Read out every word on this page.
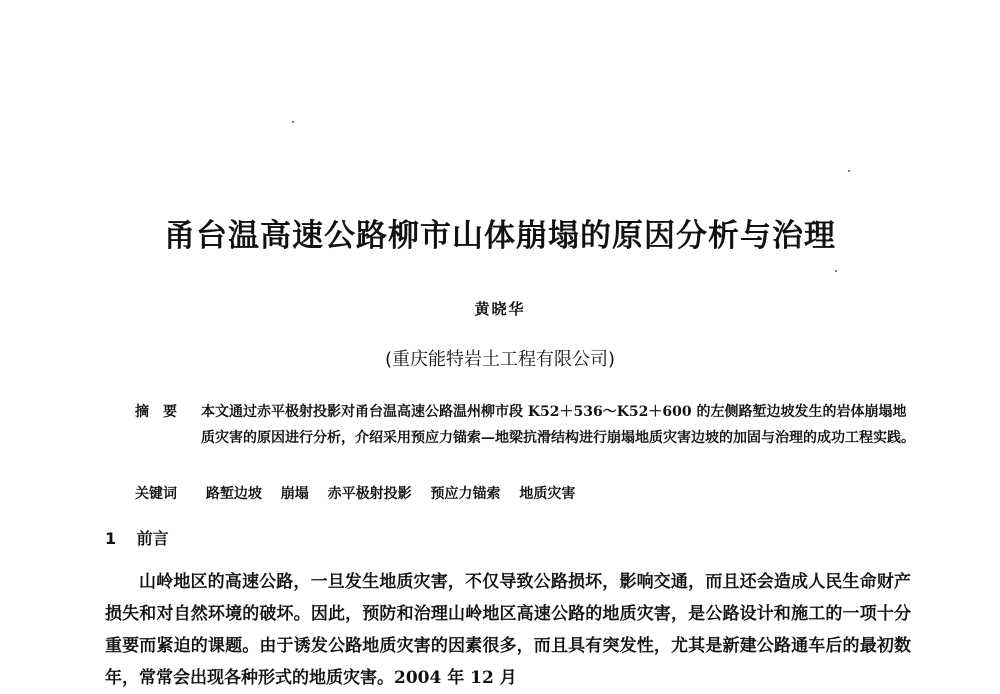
甬台温高速公路柳市山体崩塌的原因分析与治理
黄晓华
(重庆能特岩土工程有限公司)
摘要 本文通过赤平极射投影对甬台温高速公路温州柳市段 K52＋536～K52＋600 的左侧路堑边坡发生的岩体崩塌地质灾害的原因进行分析，介绍采用预应力锚索—地梁抗滑结构进行崩塌地质灾害边坡的加固与治理的成功工程实践。
关键词 路堑边坡 崩塌 赤平极射投影 预应力锚索 地质灾害
1 前言
山岭地区的高速公路，一旦发生地质灾害，不仅导致公路损坏，影响交通，而且还会造成人民生命财产损失和对自然环境的破坏。因此，预防和治理山岭地区高速公路的地质灾害，是公路设计和施工的一项十分重要而紧迫的课题。由于诱发公路地质灾害的因素很多，而且具有突发性，尤其是新建公路通车后的最初数年，常常会出现各种形式的地质灾害。2004 年 12 月
